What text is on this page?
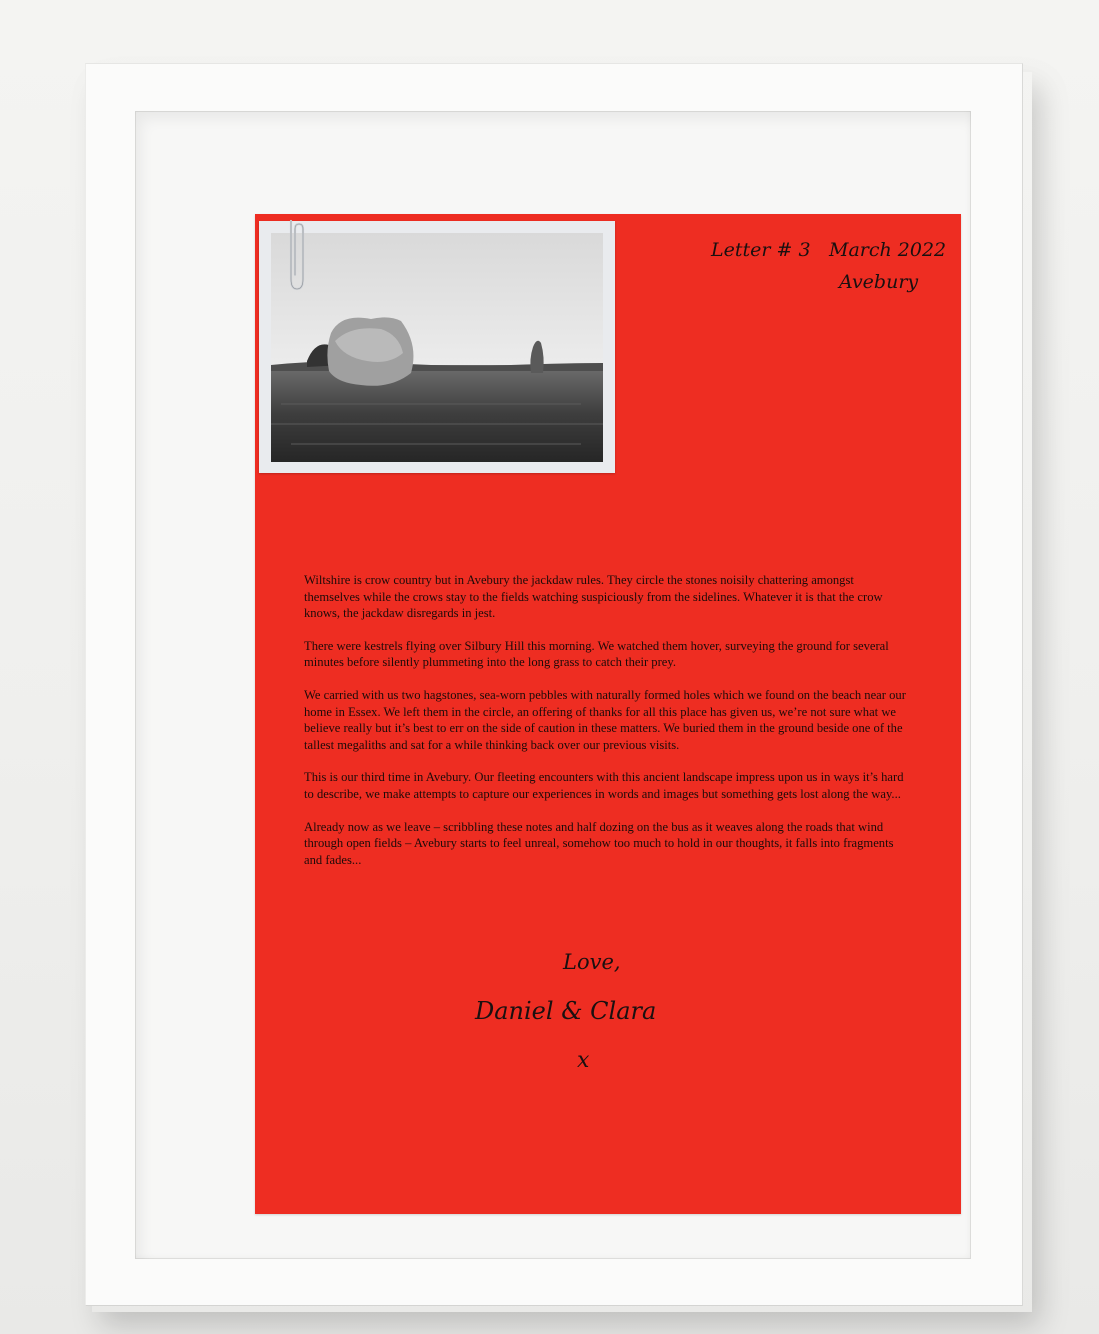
Letter # 3 March 2022
Avebury

Wiltshire is crow country but in Avebury the jackdaw rules. They circle the stones noisily chattering amongst themselves while the crows stay to the fields watching suspiciously from the sidelines. Whatever it is that the crow knows, the jackdaw disregards in jest.

There were kestrels flying over Silbury Hill this morning. We watched them hover, surveying the ground for several minutes before silently plummeting into the long grass to catch their prey.

We carried with us two hagstones, sea-worn pebbles with naturally formed holes which we found on the beach near our home in Essex. We left them in the circle, an offering of thanks for all this place has given us, we’re not sure what we believe really but it’s best to err on the side of caution in these matters. We buried them in the ground beside one of the tallest megaliths and sat for a while thinking back over our previous visits.

This is our third time in Avebury. Our fleeting encounters with this ancient landscape impress upon us in ways it’s hard to describe, we make attempts to capture our experiences in words and images but something gets lost along the way...

Already now as we leave – scribbling these notes and half dozing on the bus as it weaves along the roads that wind through open fields – Avebury starts to feel unreal, somehow too much to hold in our thoughts, it falls into fragments and fades...

Love,
Daniel & Clara
x
